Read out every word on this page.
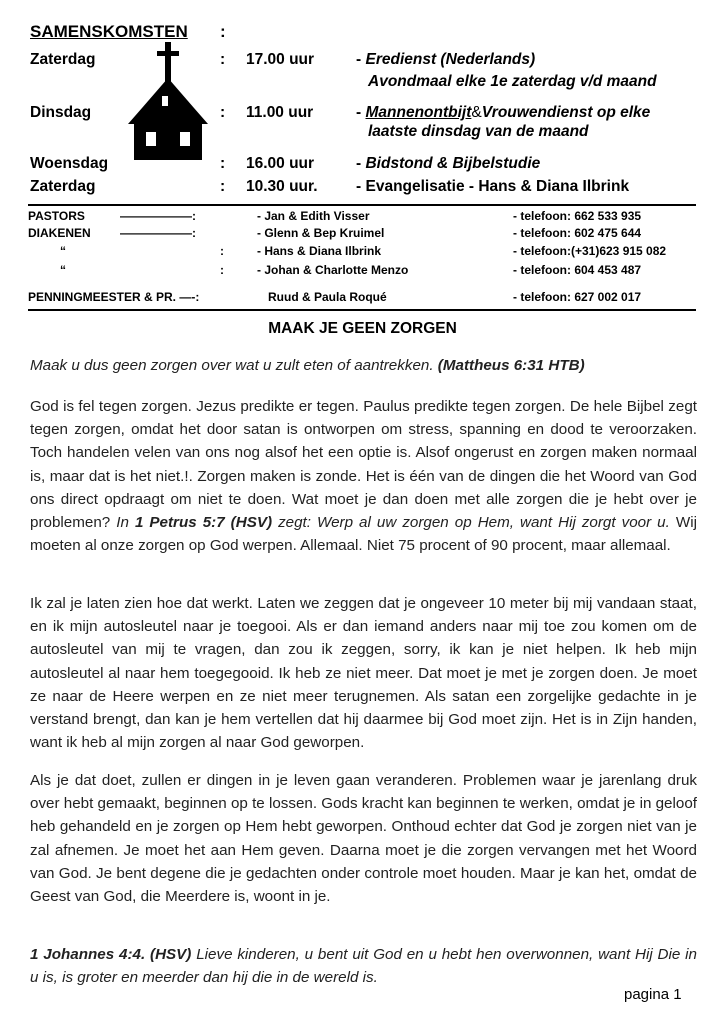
SAMENSKOMSTEN :
Zaterdag	: 17.00 uur	- Eredienst (Nederlands)
Avondmaal elke 1e zaterdag v/d maand
Dinsdag	: 11.00 uur	- Mannenontbijt&Vrouwendienst op elke
laatste dinsdag van de maand
Woensdag	: 16.00 uur	- Bidstond & Bijbelstudie
Zaterdag	: 10.30 uur. - Evangelisatie - Hans & Diana Ilbrink
PASTORS	——————:	- Jan & Edith Visser	- telefoon: 662 533 935
DIAKENEN ——————:	- Glenn & Bep Kruimel	- telefoon: 602 475 644
“	:	- Hans & Diana Ilbrink	- telefoon:(+31)623 915 082
“	:	- Johan & Charlotte Menzo	- telefoon: 604 453 487
PENNINGMEESTER & PR. —-:	Ruud & Paula Roqué	- telefoon: 627 002 017
MAAK JE GEEN ZORGEN
Maak u dus geen zorgen over wat u zult eten of aantrekken. (Mattheus 6:31 HTB)
God is fel tegen zorgen. Jezus predikte er tegen. Paulus predikte tegen zorgen. De hele Bijbel zegt tegen zorgen, omdat het door satan is ontworpen om stress, spanning en dood te veroorzaken. Toch handelen velen van ons nog alsof het een optie is. Alsof ongerust en zorgen maken normaal is, maar dat is het niet.!. Zorgen maken is zonde. Het is één van de dingen die het Woord van God ons direct opdraagt om niet te doen. Wat moet je dan doen met alle zorgen die je hebt over je problemen? In 1 Petrus 5:7 (HSV) zegt: Werp al uw zorgen op Hem, want Hij zorgt voor u. Wij moeten al onze zorgen op God werpen. Allemaal. Niet 75 procent of 90 procent, maar allemaal.
Ik zal je laten zien hoe dat werkt. Laten we zeggen dat je ongeveer 10 meter bij mij vandaan staat, en ik mijn autosleutel naar je toegooi. Als er dan iemand anders naar mij toe zou komen om de autosleutel van mij te vragen, dan zou ik zeggen, sorry, ik kan je niet helpen. Ik heb mijn autosleutel al naar hem toegegooid. Ik heb ze niet meer. Dat moet je met je zorgen doen. Je moet ze naar de Heere werpen en ze niet meer terugnemen. Als satan een zorgelijke gedachte in je verstand brengt, dan kan je hem vertellen dat hij daarmee bij God moet zijn. Het is in Zijn handen, want ik heb al mijn zorgen al naar God geworpen.
Als je dat doet, zullen er dingen in je leven gaan veranderen. Problemen waar je jarenlang druk over hebt gemaakt, beginnen op te lossen. Gods kracht kan beginnen te werken, omdat je in geloof heb gehandeld en je zorgen op Hem hebt geworpen. Onthoud echter dat God je zorgen niet van je zal afnemen. Je moet het aan Hem geven. Daarna moet je die zorgen vervangen met het Woord van God. Je bent degene die je gedachten onder controle moet houden. Maar je kan het, omdat de Geest van God, die Meerdere is, woont in je.
1 Johannes 4:4. (HSV) Lieve kinderen, u bent uit God en u hebt hen overwonnen, want Hij Die in u is, is groter en meerder dan hij die in de wereld is.
pagina 1
